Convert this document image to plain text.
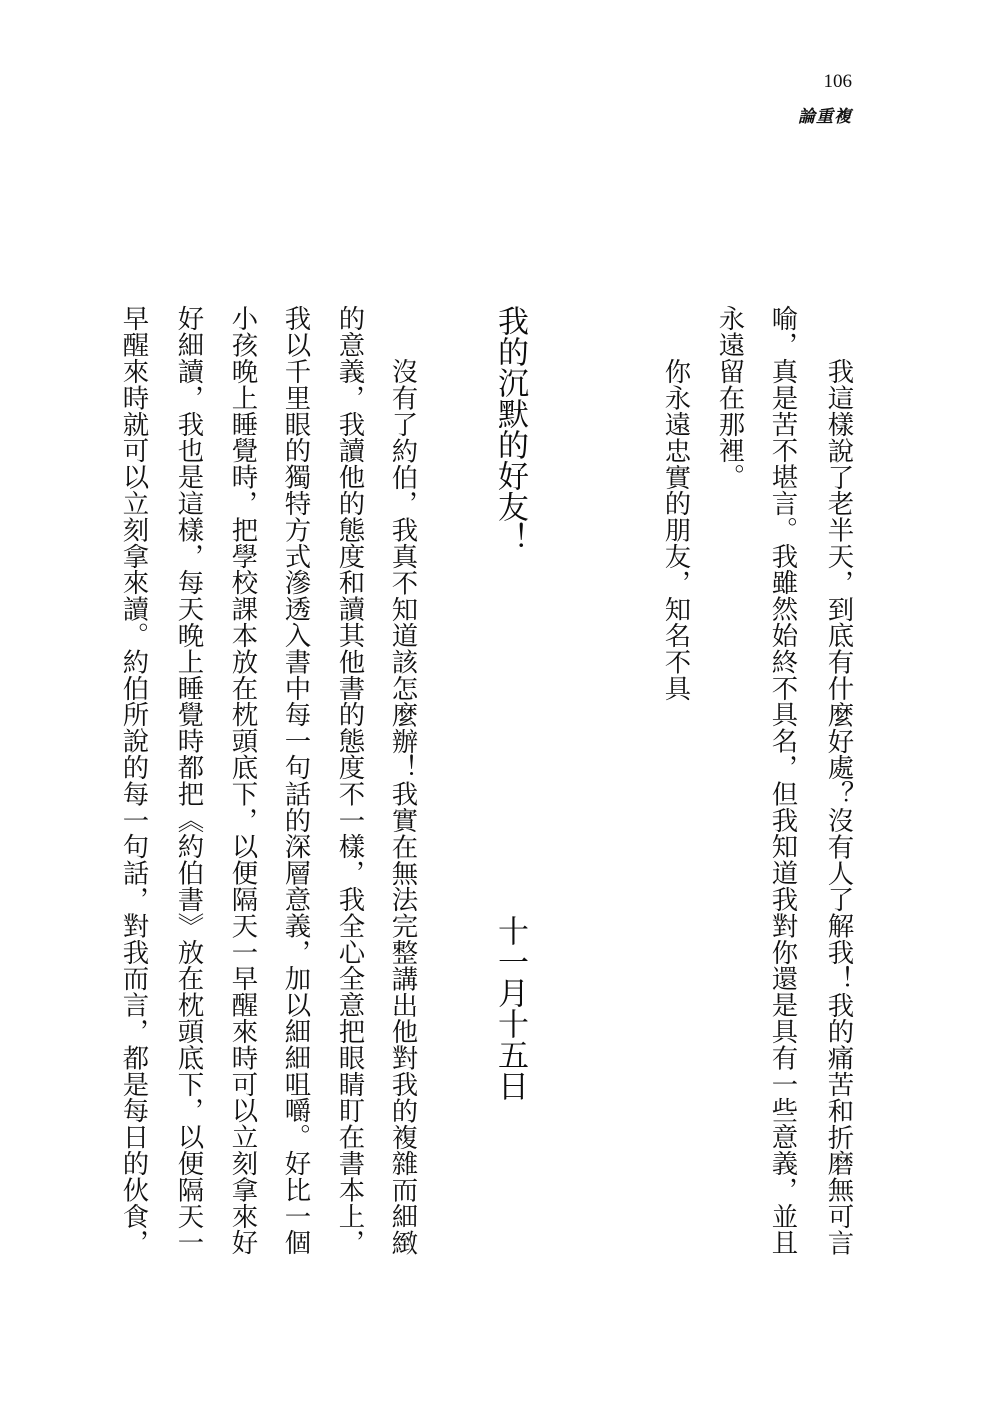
106
論重複
我這樣說了老半天，到底有什麼好處？沒有人了解我！我的痛苦和折磨無可言
喻，真是苦不堪言。我雖然始終不具名，但我知道我對你還是具有一些意義，並且
永遠留在那裡。
你永遠忠實的朋友，知名不具
我的沉默的好友！
十一月十五日
沒有了約伯，我真不知道該怎麼辦！我實在無法完整講出他對我的複雜而細緻
的意義，我讀他的態度和讀其他書的態度不一樣，我全心全意把眼睛盯在書本上，
我以千里眼的獨特方式滲透入書中每一句話的深層意義，加以細細咀嚼。好比一個
小孩晚上睡覺時，把學校課本放在枕頭底下，以便隔天一早醒來時可以立刻拿來好
好細讀，我也是這樣，每天晚上睡覺時都把《約伯書》放在枕頭底下，以便隔天一
早醒來時就可以立刻拿來讀。約伯所說的每一句話，對我而言，都是每日的伙食，
